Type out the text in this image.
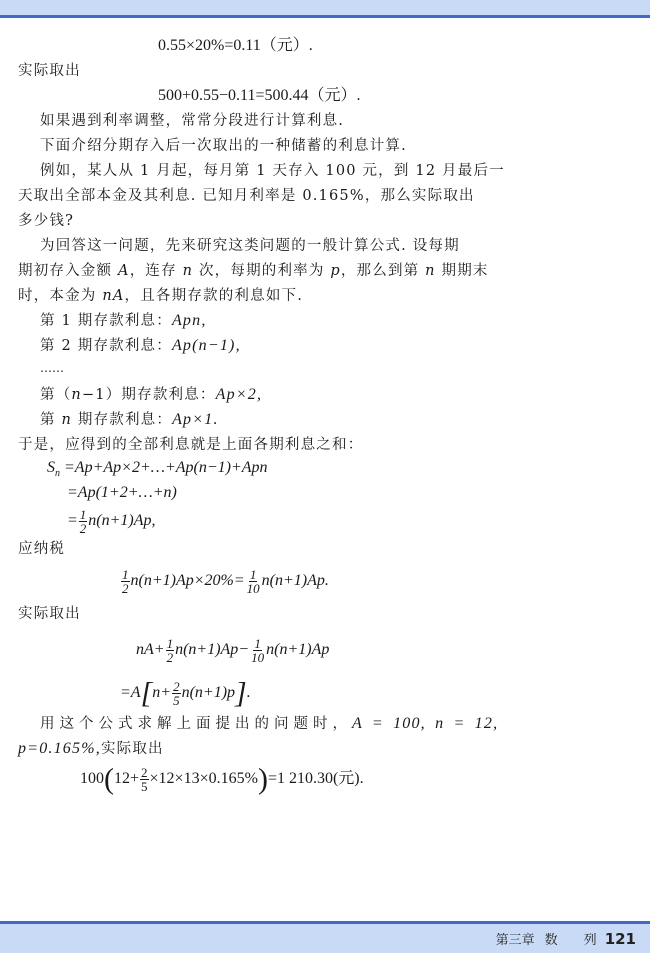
0.55×20%=0.11（元）.
实际取出
500+0.55−0.11=500.44（元）.
如果遇到利率调整，常常分段进行计算利息.
下面介绍分期存入后一次取出的一种储蓄的利息计算.
例如，某人从 1 月起，每月第 1 天存入 100 元，到 12 月最后一
天取出全部本金及其利息. 已知月利率是 0.165%，那么实际取出
多少钱?
为回答这一问题，先来研究这类问题的一般计算公式. 设每期
期初存入金额 A，连存 n 次，每期的利率为 p，那么到第 n 期期末
时，本金为 nA，且各期存款的利息如下.
第 1 期存款利息：Apn,
第 2 期存款利息：Ap(n−1),
……
第（n−1）期存款利息：Ap×2,
第 n 期存款利息：Ap×1.
于是，应得到的全部利息就是上面各期利息之和：
$S_n$ =Ap+Ap×2+…+Ap(n−1)+Apn
=Ap(1+2+…+n)
= $\frac{1}{2} n(n+1)Ap$,
应纳税
$\frac{1}{2} n(n+1)Ap\times 20\%= \frac{1}{10} n(n+1)Ap$.
实际取出
$nA+ \frac{1}{2} n(n+1)Ap- \frac{1}{10} n(n+1)Ap$
$=A[n+ \frac{2}{5} n(n+1)p]$.
用这个公式求解上面提出的问题时，A = 100, n = 12,
p=0.165%,实际取出
$100(12+ \frac{2}{5} \times 12\times 13\times 0.165\%)=1$ 210.30(元).
第三章 数 列 121
